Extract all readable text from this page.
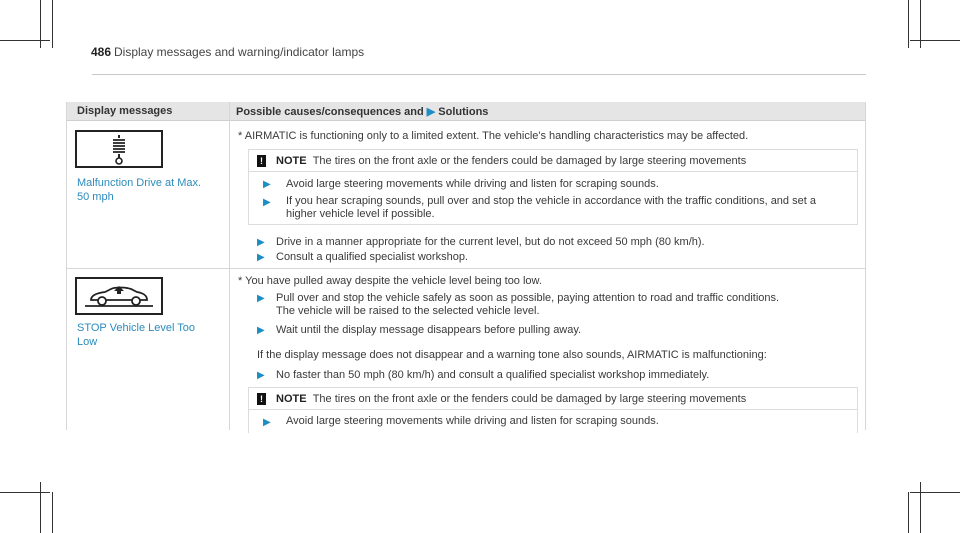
486 Display messages and warning/indicator lamps
Display messages	Possible causes/consequences and ▶ Solutions
Malfunction Drive at Max.
50 mph
* AIRMATIC is functioning only to a limited extent. The vehicle's handling characteristics may be affected.
! NOTE The tires on the front axle or the fenders could be damaged by large steering movements
▶ Avoid large steering movements while driving and listen for scraping sounds.
▶ If you hear scraping sounds, pull over and stop the vehicle in accordance with the traffic conditions, and set a
higher vehicle level if possible.
▶ Drive in a manner appropriate for the current level, but do not exceed 50 mph (80 km/h).
▶ Consult a qualified specialist workshop.
STOP Vehicle Level Too
Low
* You have pulled away despite the vehicle level being too low.
▶ Pull over and stop the vehicle safely as soon as possible, paying attention to road and traffic conditions.
The vehicle will be raised to the selected vehicle level.
▶ Wait until the display message disappears before pulling away.
If the display message does not disappear and a warning tone also sounds, AIRMATIC is malfunctioning:
▶ No faster than 50 mph (80 km/h) and consult a qualified specialist workshop immediately.
! NOTE The tires on the front axle or the fenders could be damaged by large steering movements
▶ Avoid large steering movements while driving and listen for scraping sounds.
